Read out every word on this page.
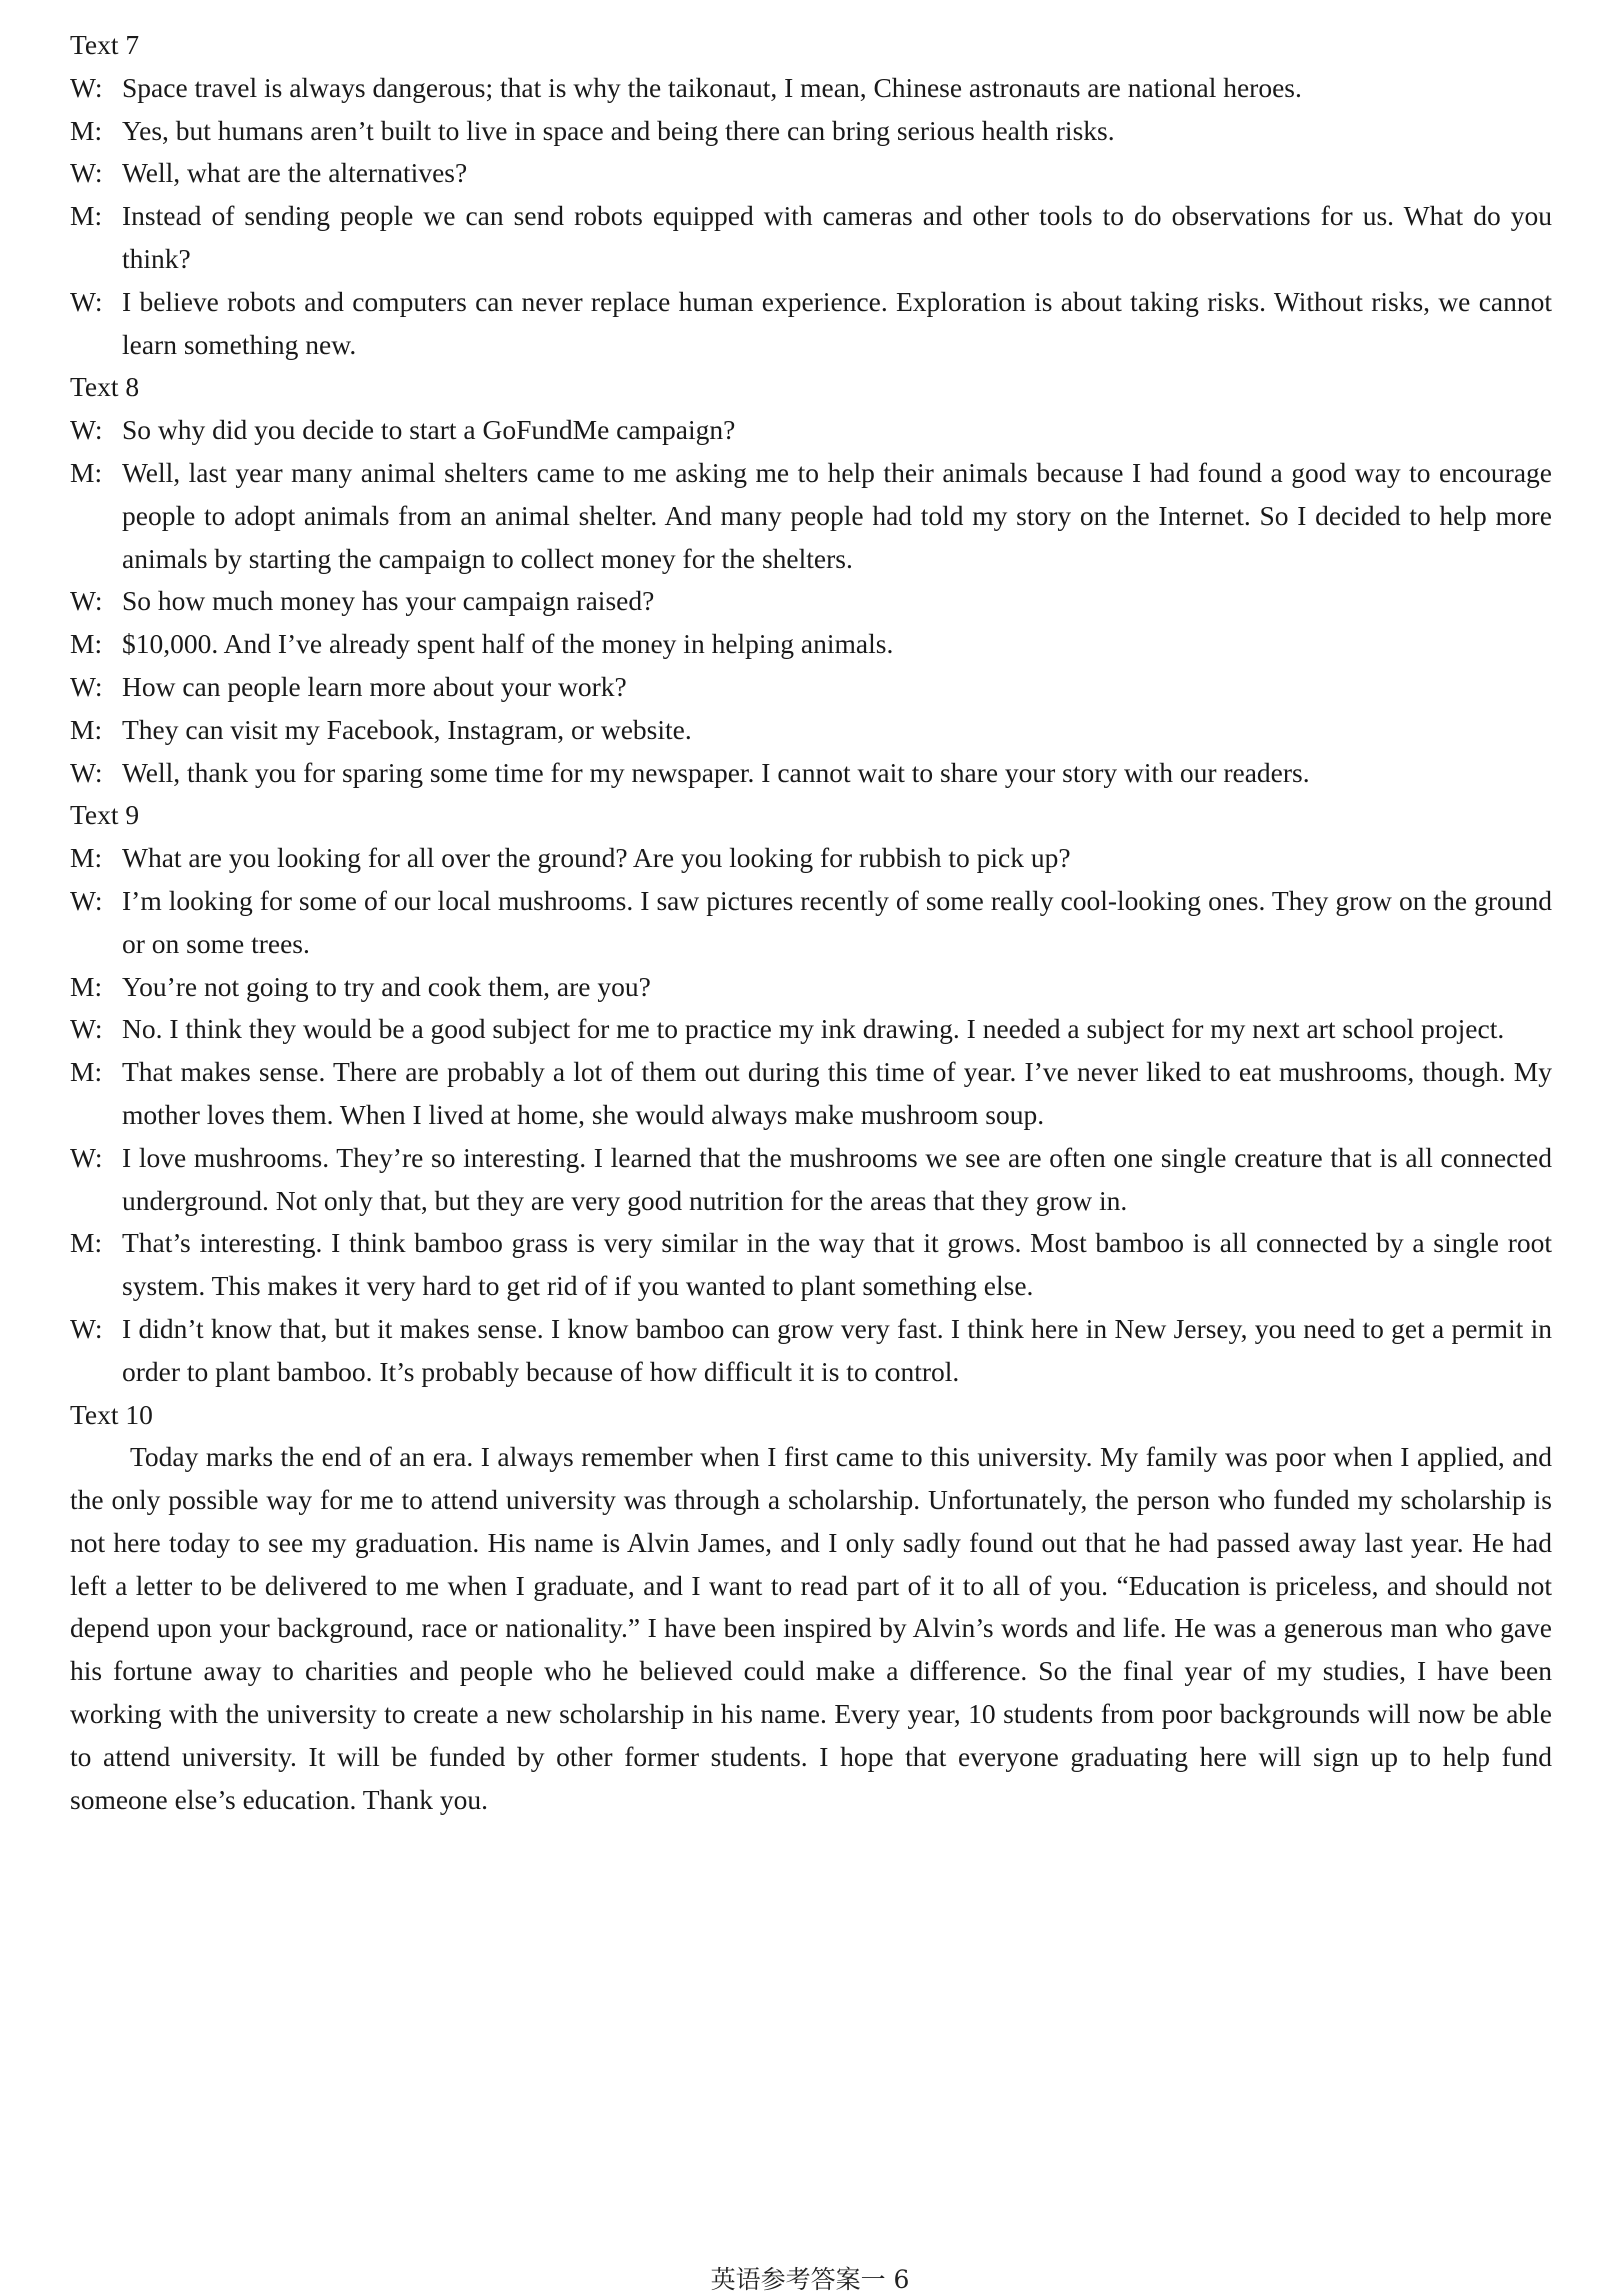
Text 7
W: Space travel is always dangerous; that is why the taikonaut, I mean, Chinese astronauts are national heroes.
M: Yes, but humans aren’t built to live in space and being there can bring serious health risks.
W: Well, what are the alternatives?
M: Instead of sending people we can send robots equipped with cameras and other tools to do observations for us. What do you think?
W: I believe robots and computers can never replace human experience. Exploration is about taking risks. Without risks, we cannot learn something new.
Text 8
W: So why did you decide to start a GoFundMe campaign?
M: Well, last year many animal shelters came to me asking me to help their animals because I had found a good way to encourage people to adopt animals from an animal shelter. And many people had told my story on the Internet. So I decided to help more animals by starting the campaign to collect money for the shelters.
W: So how much money has your campaign raised?
M: $10,000. And I’ve already spent half of the money in helping animals.
W: How can people learn more about your work?
M: They can visit my Facebook, Instagram, or website.
W: Well, thank you for sparing some time for my newspaper. I cannot wait to share your story with our readers.
Text 9
M: What are you looking for all over the ground? Are you looking for rubbish to pick up?
W: I’m looking for some of our local mushrooms. I saw pictures recently of some really cool-looking ones. They grow on the ground or on some trees.
M: You’re not going to try and cook them, are you?
W: No. I think they would be a good subject for me to practice my ink drawing. I needed a subject for my next art school project.
M: That makes sense. There are probably a lot of them out during this time of year. I’ve never liked to eat mushrooms, though. My mother loves them. When I lived at home, she would always make mushroom soup.
W: I love mushrooms. They’re so interesting. I learned that the mushrooms we see are often one single creature that is all connected underground. Not only that, but they are very good nutrition for the areas that they grow in.
M: That’s interesting. I think bamboo grass is very similar in the way that it grows. Most bamboo is all connected by a single root system. This makes it very hard to get rid of if you wanted to plant something else.
W: I didn’t know that, but it makes sense. I know bamboo can grow very fast. I think here in New Jersey, you need to get a permit in order to plant bamboo. It’s probably because of how difficult it is to control.
Text 10

Today marks the end of an era. I always remember when I first came to this university. My family was poor when I applied, and the only possible way for me to attend university was through a scholarship. Unfortunately, the person who funded my scholarship is not here today to see my graduation. His name is Alvin James, and I only sadly found out that he had passed away last year. He had left a letter to be delivered to me when I graduate, and I want to read part of it to all of you. “Education is priceless, and should not depend upon your background, race or nationality.” I have been inspired by Alvin’s words and life. He was a generous man who gave his fortune away to charities and people who he believed could make a difference. So the final year of my studies, I have been working with the university to create a new scholarship in his name. Every year, 10 students from poor backgrounds will now be able to attend university. It will be funded by other former students. I hope that everyone graduating here will sign up to help fund someone else’s education. Thank you.

英语参考答案一 6
